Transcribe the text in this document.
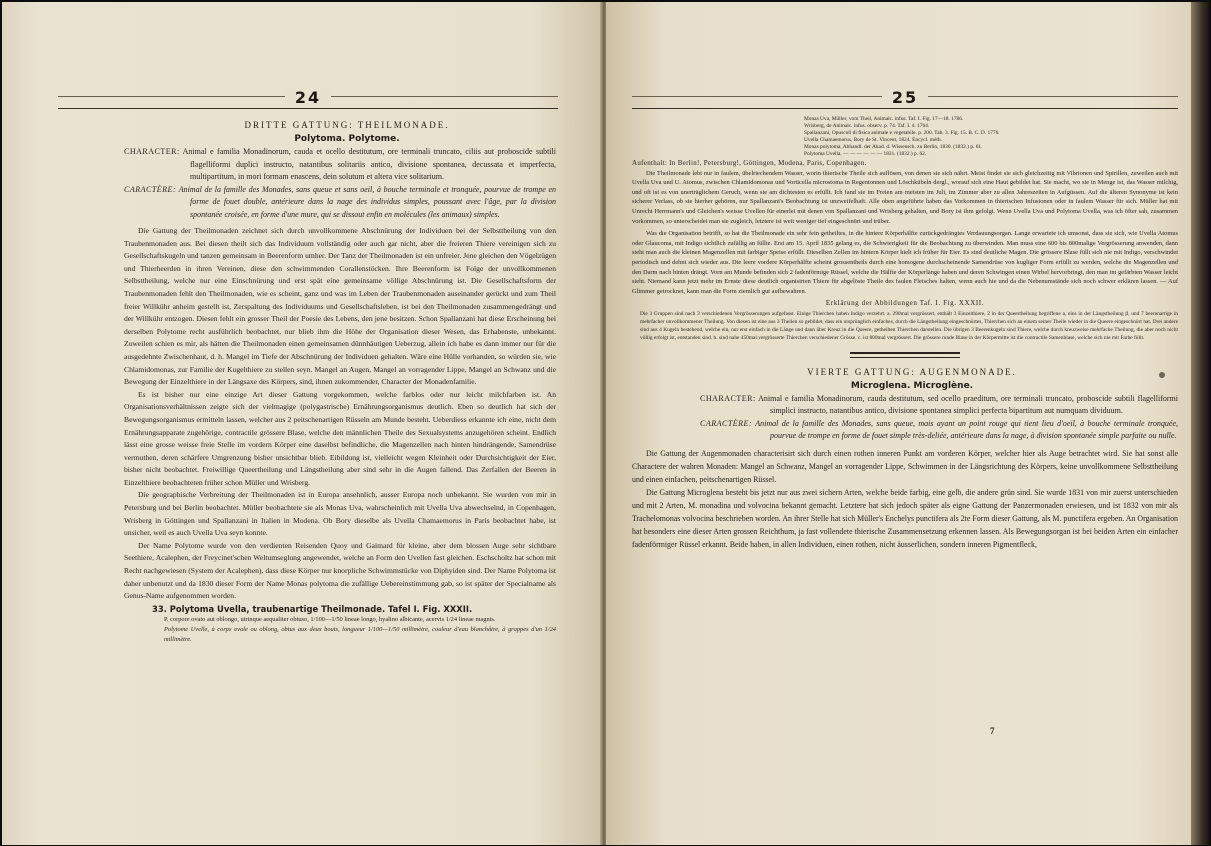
24

DRITTE GATTUNG: THEILMONADE.

Polytoma. Polytome.

CHARACTER: Animal e familia Monadinorum, cauda et ocello destitutum, ore terminali truncato, ciliis aut proboscide subtili flagelliformi duplici instructo, natantibus solitariis antico, divisione spontanea, decussata et imperfecta, multipartitum, in mori formam enascens, dein solutum et altera vice solitarium.

CARACTÈRE: Animal de la famille des Monades, sans queue et sans oeil, à bouche terminale et tronquée, pourvue de trompe en forme de fouet double, antérieure dans la nage des individus simples, poussant avec l'âge, par la division spontanée croisée, en forme d'une mure, qui se dissout enfin en molécules (les animaux) simples.

Die Gattung der Theilmonaden zeichnet sich durch unvollkommene Abschnürung der Individuen bei der Selbsttheilung von den Traubenmonaden aus. Bei diesen theilt sich das Individuum vollständig oder auch gar nicht, aber die freieren Thiere vereinigen sich zu Gesellschaftskugeln und tanzen gemeinsam in Beerenform umher. Der Tanz der Theilmonaden ist ein unfreier. Jene gleichen den Vögelzügen und Thierheerden in ihren Vereinen, diese den schwimmenden Corallenstöcken. Ihre Beerenform ist Folge der unvollkommenen Selbsttheilung, welche nur eine Einschnürung und erst spät eine gemeinsame völlige Abschnürung ist. Die Gesellschaftsform der Traubenmonaden fehlt den Theilmonaden, wie es scheint, ganz und was im Leben der Traubenmonaden auseinander gerückt und zum Theil freier Willkühr anheim gestellt ist, Zerspaltung des Individuums und Gesellschaftsleben, ist bei den Theilmonaden zusammengedrängt und der Willkühr entzogen. Diesen fehlt ein grosser Theil der Poesie des Lebens, den jene besitzen. Schon Spallanzani hat diese Erscheinung bei derselben Polytome recht ausführlich beobachtet, nur blieb ihm die Höhe der Organisation dieser Wesen, das Erhabenste, unbekannt. Zuweilen schien es mir, als hätten die Theilmonaden einen gemeinsamen dünnhäutigen Ueberzug, allein ich habe es dann immer nur für die ausgedehnte Zwischenhaut, d. h. Mangel im Tiefe der Abschnürung der Individuen gehalten. Wäre eine Hülle vorhanden, so würden sie, wie Chlamidomonas, zur Familie der Kugelthiere zu stellen seyn. Mangel an Augen, Mangel an vorragender Lippe, Mangel an Schwanz und die Bewegung der Einzelthiere in der Längsaxe des Körpers, sind, ihnen zukommender, Character der Monadenfamilie.

Es ist bisher nur eine einzige Art dieser Gattung vorgekommen, welche farblos oder nur leicht milchfarben ist. An Organisationsverhältnissen zeigte sich der vielmagige (polygastrische) Ernährungsorganismus deutlich. Eben so deutlich hat sich der Bewegungsorganismus ermitteln lassen, welcher aus 2 peitschenartigen Rüsseln am Munde besteht. Ueberdiess erkannte ich eine, nicht dem Ernährungsapparate zugehörige, contractile grössere Blase, welche den männlichen Theile des Sexualsystems anzugehören scheint. Endlich lässt eine grosse weisse freie Stelle im vordern Körper eine daselbst befindliche, die Magenzellen nach hinten hindrängende, Samendrüse vermuthen, deren schärfere Umgrenzung bisher unsichtbar blieb. Eibildung ist, vielleicht wegen Kleinheit oder Durchsichtigkeit der Eier, bisher nicht beobachtet. Freiwillige Queertheilung und Längstheilung aber sind sehr in die Augen fallend. Das Zerfallen der Beeren in Einzelthiere beobachteten früher schon Müller und Wrisberg.

Die geographische Verbreitung der Theilmonaden ist in Europa ansehnlich, ausser Europa noch unbekannt. Sie wurden von mir in Petersburg und bei Berlin beobachtet. Müller beobachtete sie als Monas Uva, wahrscheinlich mit Uvella Uva abwechselnd, in Copenhagen, Wrisberg in Göttingen und Spallanzani in Italien in Modena. Ob Bory dieselbe als Uvella Chamaemorus in Paris beobachtet habe, ist unsicher, weil es auch Uvella Uva seyn konnte.

Der Name Polytome wurde von den verdienten Reisenden Quoy und Gaimard für kleine, aber dem blossen Auge sehr sichtbare Seethiere, Acalephen, der Freycinet'schen Weltumseglung angewendet, welche an Form den Uvellen fast gleichen. Eschscholtz hat schon mit Recht nachgewiesen (System der Acalephen), dass diese Körper nur knorpliche Schwimmstücke von Diphyiden sind. Der Name Polytoma ist daher unbenutzt und da 1830 dieser Form der Name Monas polytoma die zufällige Uebereinstimmung gab, so ist später der Specialname als Genus-Name aufgenommen worden.

33. Polytoma Uvella, traubenartige Theilmonade. Tafel I. Fig. XXXII.

P. corpore ovato aut oblongo, utrinque aequaliter obtuso, 1/100—1/50 lineae longo, hyalino albicante, acervis 1/24 lineae magnis.

Polytome Uvelle, à corps ovale ou oblong, obtus aux deux bouts, longueur 1/100—1/50 millimètre, couleur d'eau blanchâtre, à grappes d'un 1/24 millimètre.

25

Monas Uva, Müller, vom Theil, Animalc. infus. Taf. I. Fig. 17—18. 1786.

Wrisberg, de Animalc. infus. observ. p. 74. Taf. I. 4. 1764.

Spallanzani, Opuscoli di fisica animale e vegetabile. p. 200. Tab. 3. Fig. 15. B. C. D. 1776.

Uvella Chamaemorus, Bory de St. Vincent, 1824. Encycl. méth.

Monas polytoma, Abhandl. der Akad. d. Wissensch. zu Berlin, 1830. (1832.) p. 61.

Polytoma Uvella, — — — — — — 1831. (1832.) p. 62.

Aufenthalt: In Berlin!, Petersburg!, Göttingen, Modena, Paris, Copenhagen.

Die Theilmonade lebt nur in faulem, übelriechendem Wasser, worin thierische Theile sich auflösen, von denen sie sich nährt. Meist findet sie sich gleichzeitig mit Vibrionen und Spirillen, zuweilen auch mit Uvella Uva und U. Atomus, zwischen Chlamidomonas und Vorticella microstoma in Regentonnen und Löschkübeln dergl., worauf sich eine Haut gebildet hat. Sie macht, wo sie in Menge ist, das Wasser milchig, und oft ist es von unerträglichem Geruch, wenn sie am dichtesten es erfüllt. Ich fand sie im Freien am meisten im Juli, im Zimmer aber zu allen Jahreszeiten in Aufgüssen. Auf die älteren Synonyme ist kein sicherer Verlass, ob sie hierher gehören, nur Spallanzani's Beobachtung ist unzweifelhaft. Alle oben angeführte haben das Vorkommen in thierischen Infusionen oder in faulem Wasser für sich. Müller hat mit Unrecht Herrmann's und Gleichen's weisse Uvellen für einerlei mit denen von Spallanzani und Wrisberg gehalten, und Bory ist ihm gefolgt. Wenn Uvella Uva und Polytoma Uvella, was ich öfter sah, zusammen vorkommen, so unterscheidet man sie zugleich, letztere ist weit weniger tief eingeschnürt und trüber.

Was die Organisation betrifft, so hat die Theilmonade ein sehr fein getheiltes, in die hintere Körperhälfte zurückgedrängtes Verdauungsorgan. Lange erwartete ich umsonst, dass sie sich, wie Uvella Atomus oder Glaucoma, mit Indigo sichtlich zufällig an füllte. Erst am 15. April 1835 gelang es, die Schwierigkeit für die Beobachtung zu überwinden. Man muss eine 600 bis 800malige Vergrösserung anwenden, dann sieht man auch die kleinen Magenzellen mit farbiger Speise erfüllt. Dieselben Zellen im hintern Körper hielt ich früher für Eier. Es sind deutliche Magen. Die grössere Blase füllt sich nie mit Indigo, verschwindet periodisch und dehnt sich wieder aus. Die leere vordere Körperhälfte scheint grossentheils durch eine homogene durchscheinende Samendrüse von kugliger Form erfüllt zu werden, welche die Magenzellen und den Darm nach hinten drängt. Vorn am Munde befinden sich 2 fadenförmige Rüssel, welche die Hälfte der Körperlänge haben und deren Schwingen einen Wirbel hervorbringt, den man im gefärbten Wasser leicht sieht. Niemand kann jetzt mehr im Ernste diese deutlich organisirten Thiere für abgelöste Theile des faulen Fleisches halten, wenn auch hie und da die Nebenumstände sich noch schwer erklären lassen. — Auf Glimmer getrocknet, kann man die Form ziemlich gut aufbewahren.

Erklärung der Abbildungen Taf. I. Fig. XXXII.

Die 3 Gruppen sind nach 3 verschiedenen Vergrösserungen aufgefasst. Einige Thierchen haben Indigo verzehrt. a. 290mal vergrössert, enthält 3 Einzelthiere, 2 in der Queertheilung begriffene a, eins in der Längstheilung β, und 7 beerenartige in mehrfacher unvollkommener Theilung. Von diesen ist eine aus 3 Theilen so gebildet, dass ein ursprünglich einfaches, durch die Längstheilung eingeschnürtes, Thierchen sich an einem seiner Theile wieder in die Queere eingeschnürt hat. Drei andere sind aus 4 Kugeln bestehend, welche ein, nur erst einfach in die Länge und dann über Kreuz in die Queere, getheilten Thierchen darstellen. Die übrigen 3 Beerenkugeln sind Thiere, welche durch kreuzweise mehrfache Theilung, die aber noch nicht völlig erfolgt ist, entstanden sind. b. sind nahe 450mal vergrösserte Thierchen verschiedener Grösse. c. ist 800mal vergrössert. Die grössere runde Blase in der Körpermitte ist die contractile Samenblase, welche sich nie mit Farbe füllt.

VIERTE GATTUNG: AUGENMONADE.

Microglena. Microglène.

CHARACTER: Animal e familia Monadinorum, cauda destitutum, sed ocello praeditum, ore terminali truncato, proboscide subtili flagelliformi simplici instructo, natantibus antico, divisione spontanea simplici perfecta bipartitum aut numquam dividuum.

CARACTÈRE: Animal de la famille des Monades, sans queue, mais ayant un point rouge qui tient lieu d'oeil, à bouche terminale tronquée, pourvue de trompe en forme de fouet simple très-deliée, antérieure dans la nage, à division spontanée simple parfaite ou nulle.

Die Gattung der Augenmonaden characterisirt sich durch einen rothen inneren Punkt am vorderen Körper, welcher hier als Auge betrachtet wird. Sie hat sonst alle Charactere der wahren Monaden: Mangel an Schwanz, Mangel an vorragender Lippe, Schwimmen in der Längsrichtung des Körpers, keine unvollkommene Selbsttheilung und einen einfachen, peitschenartigen Rüssel.

Die Gattung Microglena besteht bis jetzt nur aus zwei sichern Arten, welche beide farbig, eine gelb, die andere grün sind. Sie wurde 1831 von mir zuerst unterschieden und mit 2 Arten, M. monadina und volvocina bekannt gemacht. Letztere hat sich jedoch später als eigne Gattung der Panzermonaden erwiesen, und ist 1832 von mir als Trachelomonas volvocina beschrieben worden. An ihrer Stelle hat sich Müller's Enchelys punctifera als 2te Form dieser Gattung, als M. punctifera ergeben. An Organisation hat besonders eine dieser Arten grossen Reichthum, ja fast vollendete thierische Zusammensetzung erkennen lassen. Als Bewegungsorgan ist bei beiden Arten ein einfacher fadenförmiger Rüssel erkannt. Beide haben, in allen Individuen, einen rothen, nicht äusserlichen, sondern inneren Pigmentfleck,

7
